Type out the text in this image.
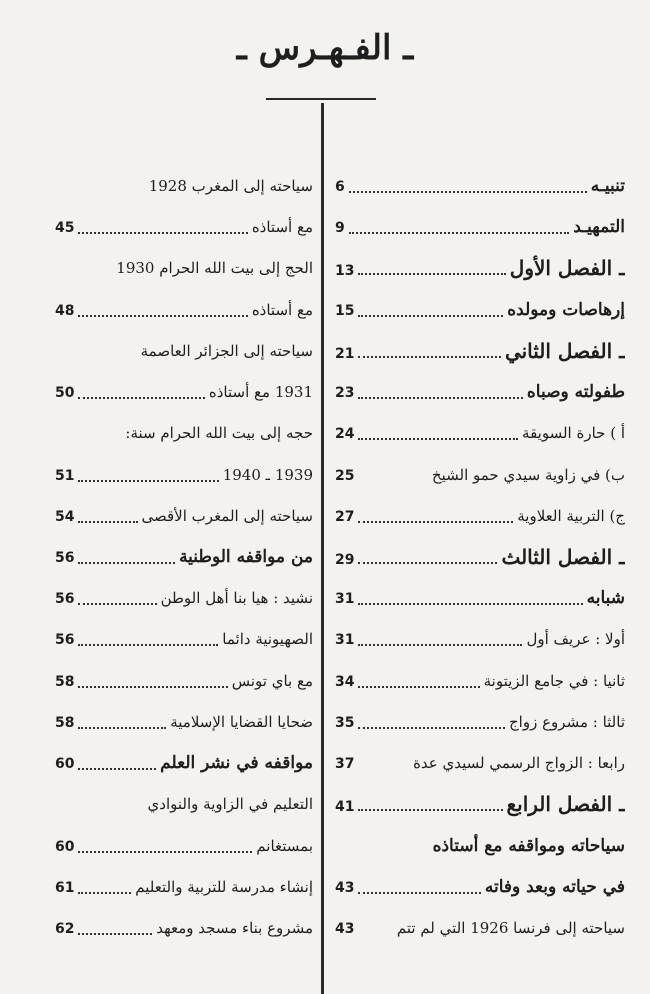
ـ الفـهـرس ـ
تنبيـه
6
التمهيـد
9
ـ الفصل الأول
13
إرهاصات ومولده
15
ـ الفصل الثاني
21
طفولته وصباه
23
أ ) حارة السويقة
24
ب) في زاوية سيدي حمو الشيخ
25
ج) التربية العلاوية
27
ـ الفصل الثالث
29
شبابه
31
أولا : عريف أول
31
ثانيا : في جامع الزيتونة
34
ثالثا : مشروع زواج
35
رابعا : الزواج الرسمي لسيدي عدة
37
ـ الفصل الرابع
41
سياحاته ومواقفه مع أستاذه
في حياته وبعد وفاته
43
سياحته إلى فرنسا 1926 التي لم تتم
43
سياحته إلى المغرب 1928
مع أستاذه
45
الحج إلى بيت الله الحرام 1930
مع أستاذه
48
سياحته إلى الجزائر العاصمة
1931 مع أستاذه
50
حجه إلى بيت الله الحرام سنة:
1939 ـ 1940
51
سياحته إلى المغرب الأقصى
54
من مواقفه الوطنية
56
نشيد : هيا بنا أهل الوطن
56
الصهيونية دائما
56
مع باي تونس
58
ضحايا القضايا الإسلامية
58
مواقفه في نشر العلم
60
التعليم في الزاوية والنوادي
بمستغانم
60
إنشاء مدرسة للتربية والتعليم
61
مشروع بناء مسجد ومعهد
62
